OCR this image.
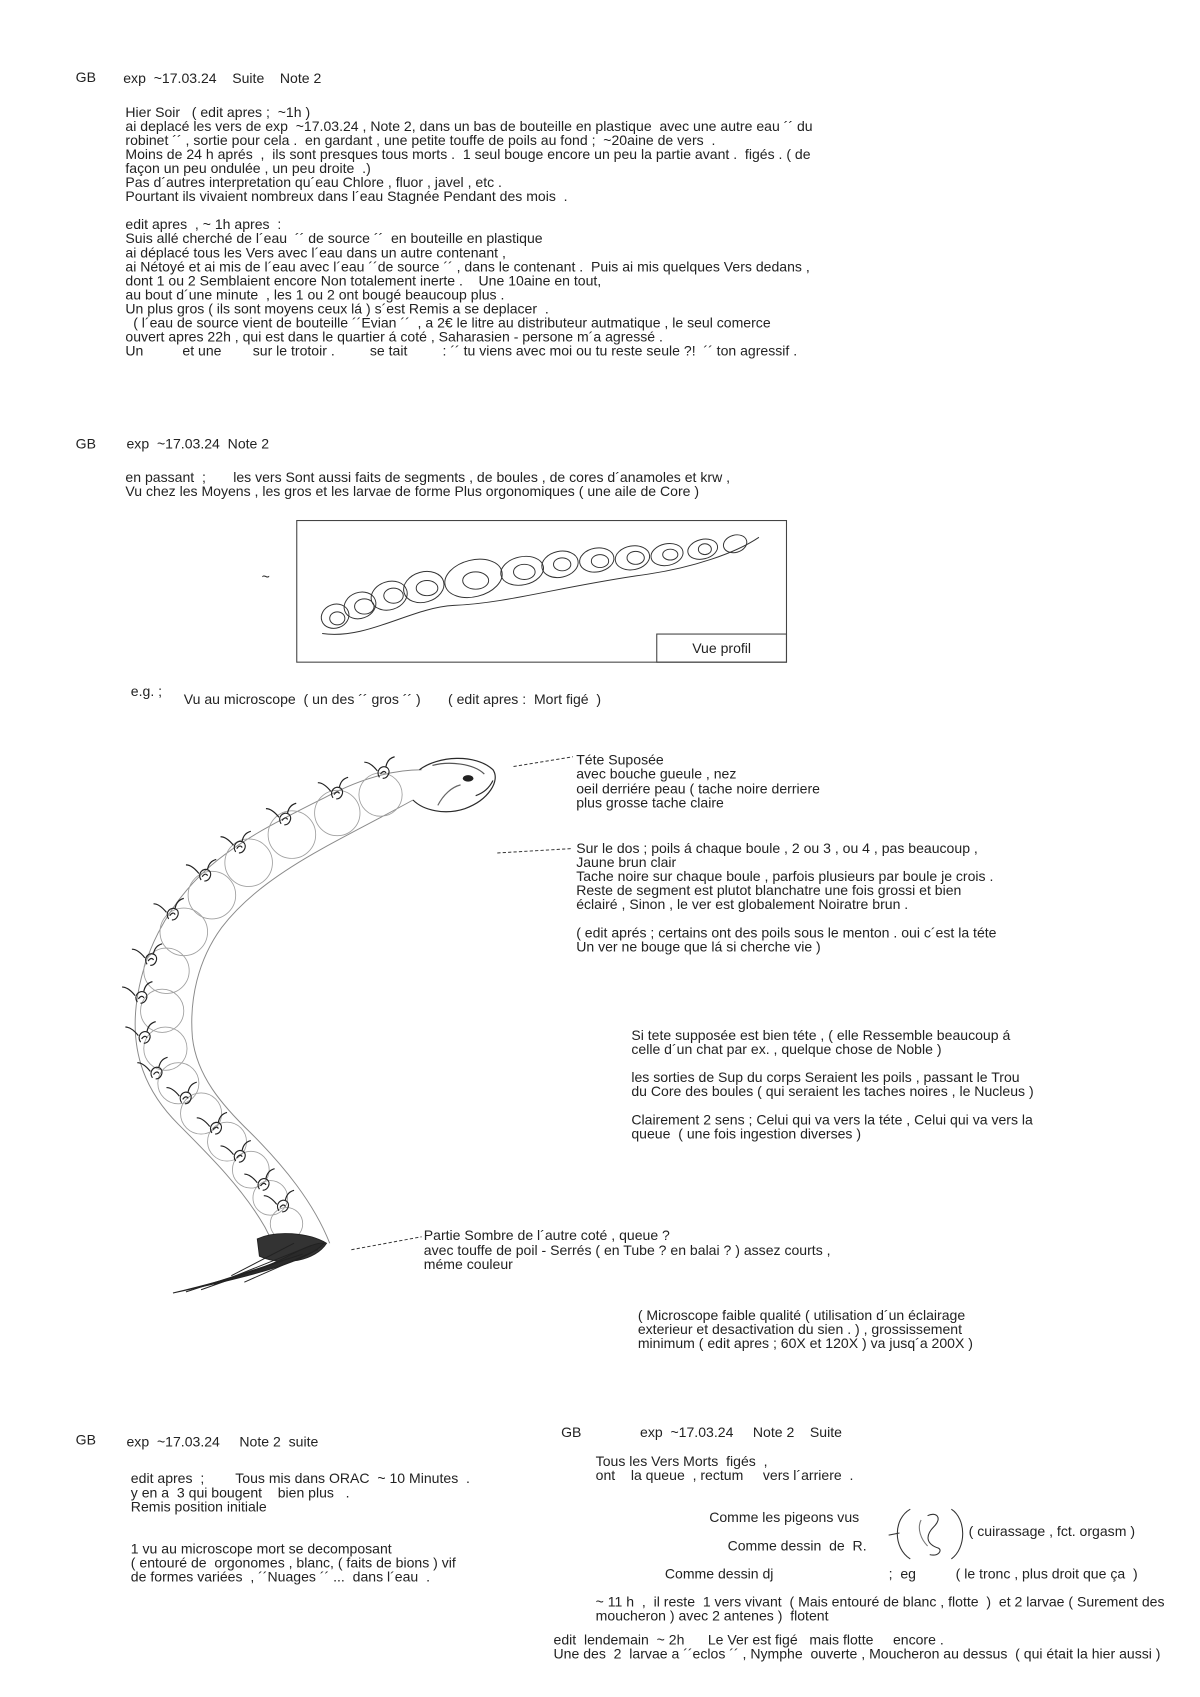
GB exp  ~17.03.24    Suite    Note 2
Hier Soir   ( edit apres ;  ~1h )
ai deplacé les vers de exp  ~17.03.24 , Note 2, dans un bas de bouteille en plastique  avec une autre eau ´´ du
robinet ´´ , sortie pour cela .  en gardant , une petite touffe de poils au fond ;  ~20aine de vers  .
Moins de 24 h aprés  ,  ils sont presques tous morts .  1 seul bouge encore un peu la partie avant .  figés . ( de
façon un peu ondulée , un peu droite  .)
Pas d´autres interpretation qu´eau Chlore , fluor , javel , etc .
Pourtant ils vivaient nombreux dans l´eau Stagnée Pendant des mois  .
edit apres  , ~ 1h apres  :
Suis allé cherché de l´eau  ´´ de source ´´  en bouteille en plastique
ai déplacé tous les Vers avec l´eau dans un autre contenant ,
ai Nétoyé et ai mis de l´eau avec l´eau ´´de source ´´ , dans le contenant .  Puis ai mis quelques Vers dedans ,
dont 1 ou 2 Semblaient encore Non totalement inerte .    Une 10aine en tout,
au bout d´une minute  , les 1 ou 2 ont bougé beaucoup plus .
Un plus gros ( ils sont moyens ceux lá ) s´est Remis a se deplacer  .
( l´eau de source vient de bouteille ´´Evian ´´  , a 2€ le litre au distributeur autmatique , le seul comerce
ouvert apres 22h , qui est dans le quartier á coté , Saharasien - persone m´a agressé .
Un          et une        sur le trotoir .         se tait         : ´´ tu viens avec moi ou tu reste seule ?!  ´´ ton agressif .
GB exp  ~17.03.24  Note 2
en passant  ;       les vers Sont aussi faits de segments , de boules , de cores d´anamoles et krw ,
Vu chez les Moyens , les gros et les larvae de forme Plus orgonomiques ( une aile de Core )
~
Vue profil
e.g. ; Vu au microscope  ( un des ´´ gros ´´ )       ( edit apres :  Mort figé  )
Téte Suposée
avec bouche gueule , nez
oeil derriére peau ( tache noire derriere
plus grosse tache claire
Sur le dos ; poils á chaque boule , 2 ou 3 , ou 4 , pas beaucoup ,
Jaune brun clair
Tache noire sur chaque boule , parfois plusieurs par boule je crois .
Reste de segment est plutot blanchatre une fois grossi et bien
éclairé , Sinon , le ver est globalement Noiratre brun .
( edit aprés ; certains ont des poils sous le menton . oui c´est la téte
Un ver ne bouge que lá si cherche vie )
Si tete supposée est bien téte , ( elle Ressemble beaucoup á
celle d´un chat par ex. , quelque chose de Noble )
les sorties de Sup du corps Seraient les poils , passant le Trou
du Core des boules ( qui seraient les taches noires , le Nucleus )
Clairement 2 sens ; Celui qui va vers la téte , Celui qui va vers la
queue  ( une fois ingestion diverses )
Partie Sombre de l´autre coté , queue ?
avec touffe de poil - Serrés ( en Tube ? en balai ? ) assez courts ,
méme couleur
( Microscope faible qualité ( utilisation d´un éclairage
exterieur et desactivation du sien . ) , grossissement
minimum ( edit apres ; 60X et 120X ) va jusq´a 200X )
GB exp  ~17.03.24     Note 2  suite
edit apres  ;        Tous mis dans ORAC  ~ 10 Minutes  .
y en a  3 qui bougent    bien plus   .
Remis position initiale
1 vu au microscope mort se decomposant
( entouré de  orgonomes , blanc, ( faits de bions ) vif
de formes variées  , ´´Nuages ´´ ...  dans l´eau  .
GB	exp  ~17.03.24     Note 2    Suite
Tous les Vers Morts  figés  ,
ont    la queue  , rectum     vers l´arriere  .
Comme les pigeons vus
Comme dessin  de  R.
( cuirassage , fct. orgasm )
Comme dessin dj	;  eg	( le tronc , plus droit que ça  )
~ 11 h  ,  il reste  1 vers vivant  ( Mais entouré de blanc , flotte  )  et 2 larvae ( Surement des
moucheron ) avec 2 antenes )  flotent
edit  lendemain  ~ 2h      Le Ver est figé   mais flotte     encore .
Une des  2  larvae a ´´eclos ´´ , Nymphe  ouverte , Moucheron au dessus  ( qui était la hier aussi )
